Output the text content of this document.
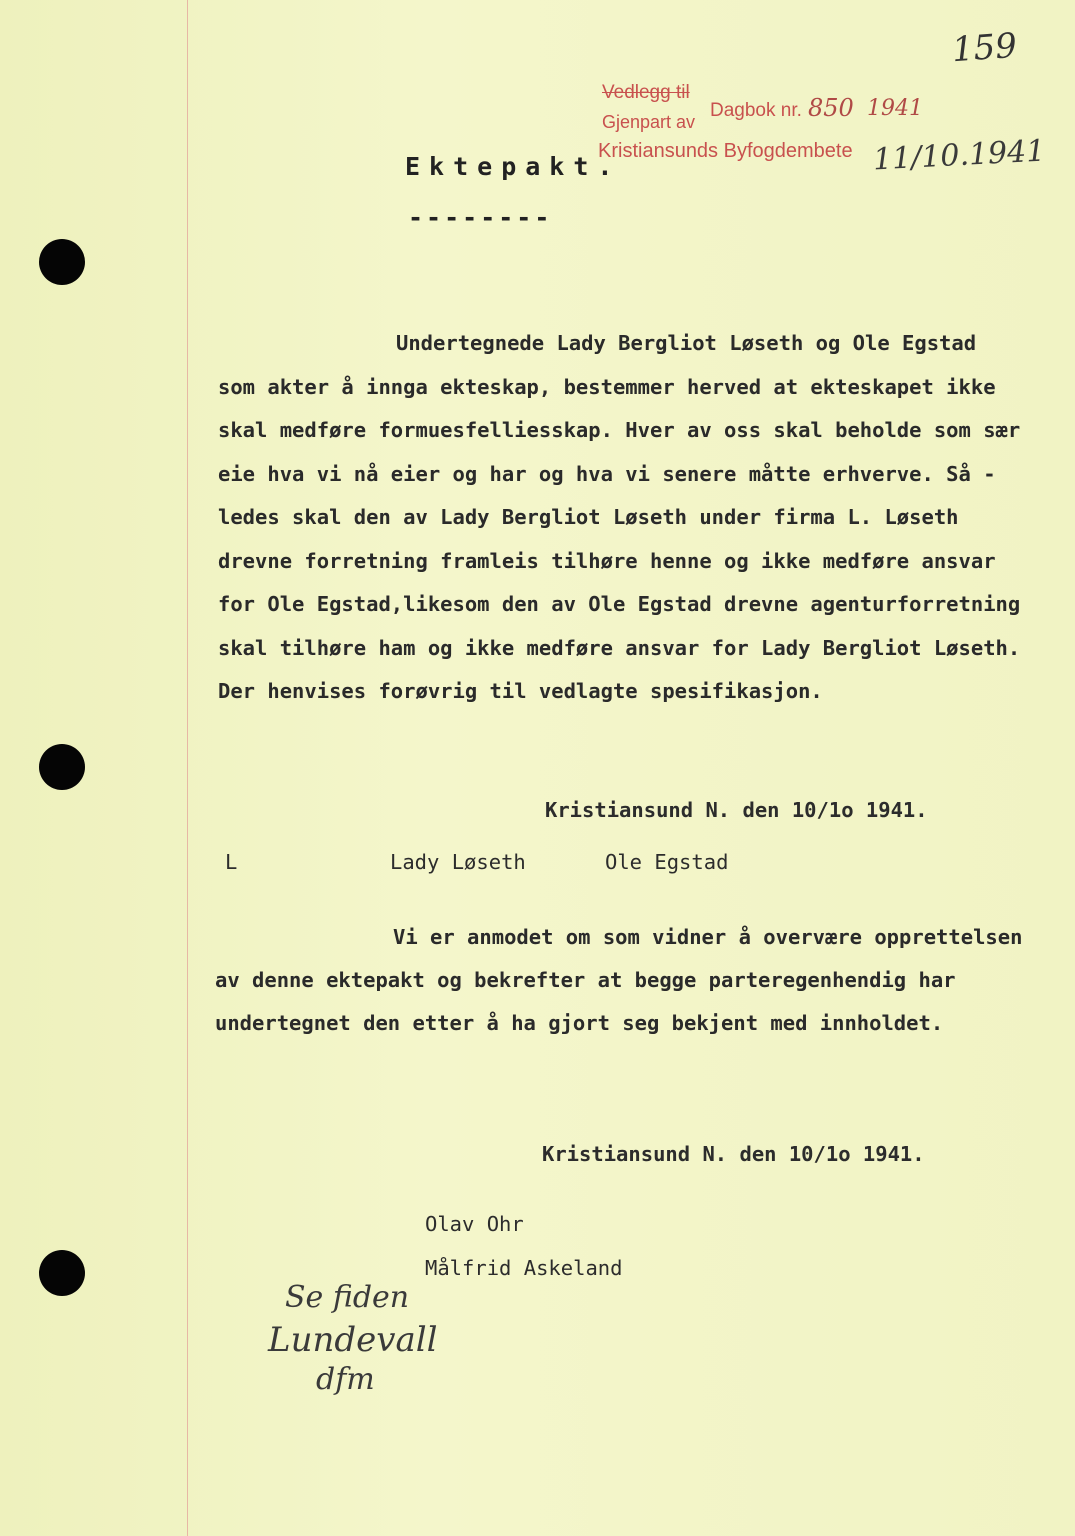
159
Vedlegg til
Gjenpart av
Dagbok nr. 850 1941
Kristiansunds Byfogdembete 11/10.1941
Ektepakt.
--------
Undertegnede Lady Bergliot Løseth og Ole Egstad
som akter å innga ekteskap, bestemmer herved at ekteskapet ikke
skal medføre formuesfelliesskap. Hver av oss skal beholde som sær
eie hva vi nå eier og har og hva vi senere måtte erhverve. Så -
ledes skal den av Lady Bergliot Løseth under firma L. Løseth
drevne forretning framleis tilhøre henne og ikke medføre ansvar
for Ole Egstad,likesom den av Ole Egstad drevne agenturforretning
skal tilhøre ham og ikke medføre ansvar for Lady Bergliot Løseth.
Der henvises forøvrig til vedlagte spesifikasjon.
Kristiansund N. den 10/1o 1941.
L	Lady Løseth	Ole Egstad
Vi er anmodet om som vidner å overvære opprettelsen
av denne ektepakt og bekrefter at begge parteregenhendig har
undertegnet den etter å ha gjort seg bekjent med innholdet.
Kristiansund N. den 10/1o 1941.
Olav Ohr
Målfrid Askeland
Se fiden
Lundevall
dfm
